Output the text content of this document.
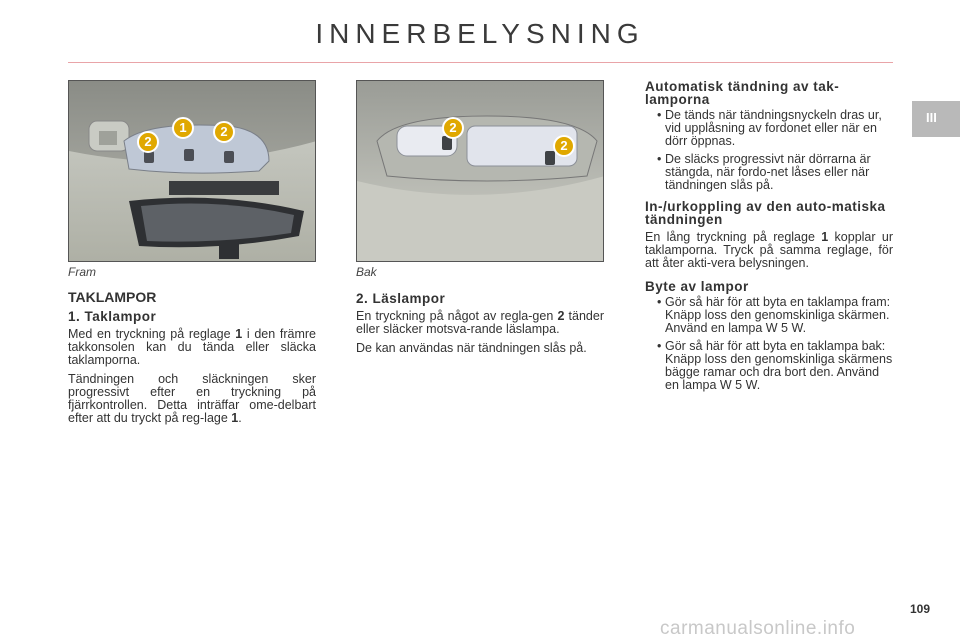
INNERBELYSNING
III
2
1	2
Fram
2
2
Bak
TAKLAMPOR
1. Taklampor

Med en tryckning på reglage 1 i den främre takkonsolen kan du tända eller släcka taklamporna.

Tändningen och släckningen sker progressivt efter en tryckning på fjärrkontrollen. Detta inträffar ome-delbart efter att du tryckt på reg-lage 1.

2. Läslampor

En tryckning på något av regla-gen 2 tänder eller släcker motsva-rande läslampa.

De kan användas när tändningen slås på.

Automatisk tändning av tak-lamporna
• De tänds när tändningsnyckeln dras ur, vid upplåsning av fordonet eller när en dörr öppnas.
• De släcks progressivt när dörrarna är stängda, när fordo-net låses eller när tändningen slås på.
In-/urkoppling av den auto-matiska tändningen

En lång tryckning på reglage 1 kopplar ur taklamporna. Tryck på samma reglage, för att åter akti-vera belysningen.

Byte av lampor
• Gör så här för att byta en taklampa fram: Knäpp loss den genomskinliga skärmen. Använd en lampa W 5 W.
• Gör så här för att byta en taklampa bak: Knäpp loss den genomskinliga skärmens bägge ramar och dra bort den. Använd en lampa W 5 W.
109
carmanualsonline.info
